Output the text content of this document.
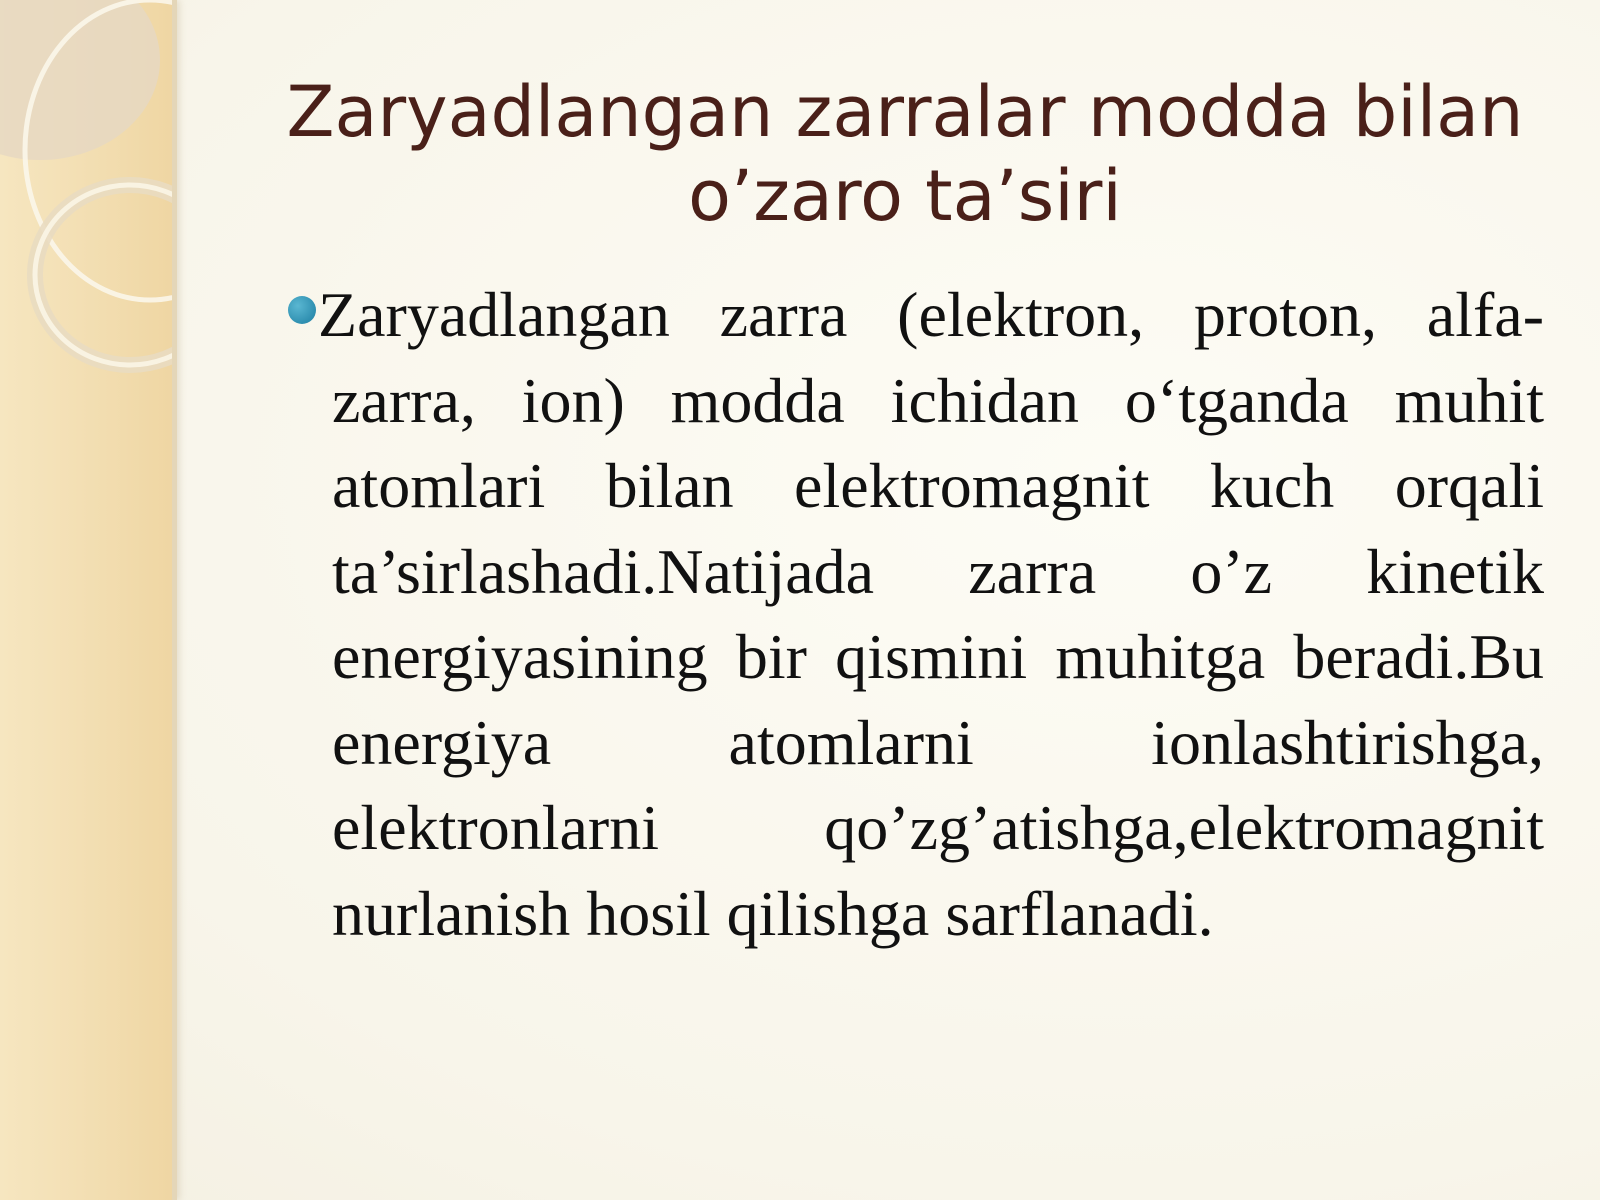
Zaryadlangan zarralar modda bilan o’zaro ta’siri

Zaryadlangan zarra (elektron, proton, alfa-zarra, ion) modda ichidan o‘tganda muhit atomlari bilan elektromagnit kuch orqali ta’sirlashadi.Natijada zarra o’z kinetik energiyasining bir qismini muhitga beradi.Bu energiya atomlarni ionlashtirishga, elektronlarni qo’zg’atishga,elektromagnit nurlanish hosil qilishga sarflanadi.
